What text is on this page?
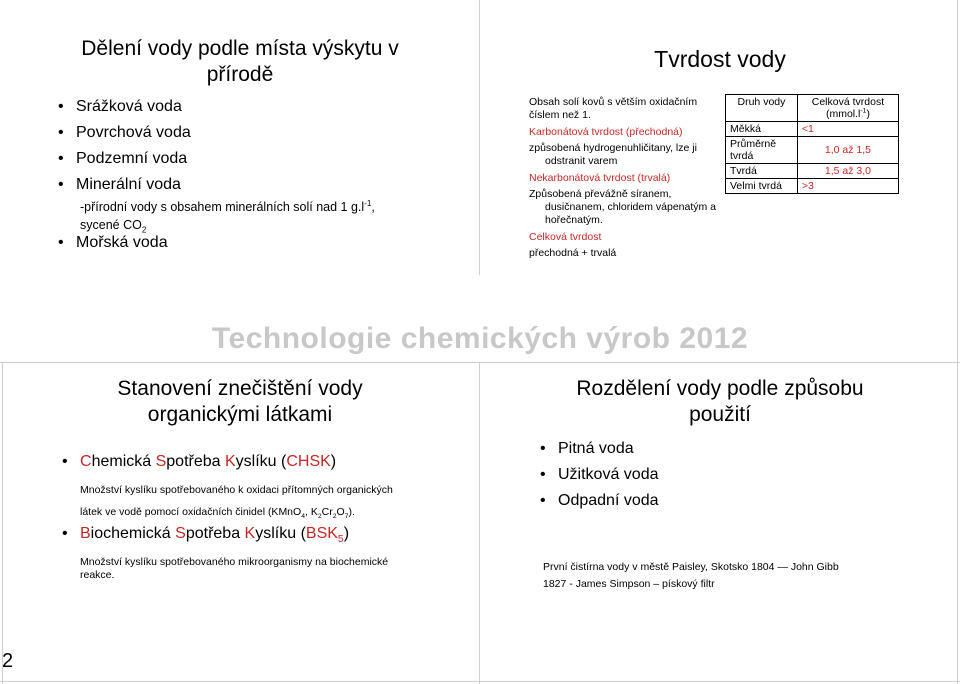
Dělení vody podle místa výskytu v přírodě
• Srážková voda
• Povrchová voda
• Podzemní voda
• Minerální voda
-přírodní vody s obsahem minerálních solí nad 1 $g.l^{-1}$,
sycené $CO_2$
• Mořská voda
Tvrdost vody
Obsah solí kovů s větším oxidačním číslem než 1.
Karbonátová tvrdost (přechodná)
způsobená hydrogenuhličitany, lze ji odstranit varem
Nekarbonátová tvrdost (trvalá)
Způsobená převážně síranem, dusičnanem, chloridem vápenatým a hořečnatým.
Celková tvrdost
přechodná + trvalá
Druh vody	Celková tvrdost $(mmol.l^{-1})$
Měkká	<1
Průměrně tvrdá	1,0 až 1,5
Tvrdá	1,5 až 3,0
Velmi tvrdá	>3
Technologie chemických výrob 2012
Stanovení znečištění vody organickými látkami
• Chemická Spotřeba Kyslíku (CHSK)
Množství kyslíku spotřebovaného k oxidaci přítomných organických
látek ve vodě pomocí oxidačních činidel (KMnO$_4$, $K_2Cr_2O_7$).
• Biochemická Spotřeba Kyslíku $(BSK_5)$
Množství kyslíku spotřebovaného mikroorganismy na biochemické reakce.
Rozdělení vody podle způsobu použití
• Pitná voda
• Užitková voda
• Odpadní voda
První čistírna vody v městě Paisley, Skotsko 1804 — John Gibb
1827 - James Simpson – pískový filtr
2
